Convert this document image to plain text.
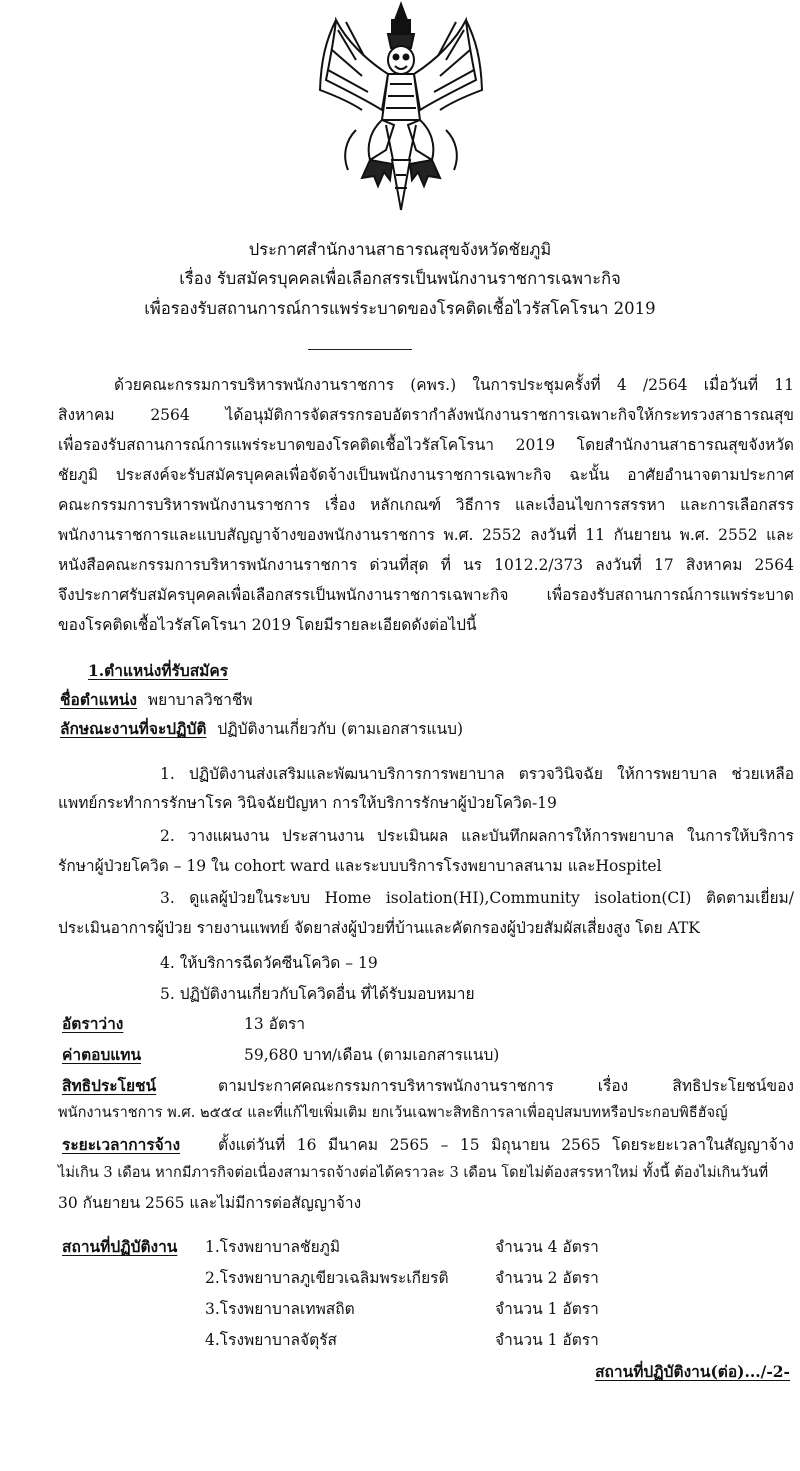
ประกาศสำนักงานสาธารณสุขจังหวัดชัยภูมิ
เรื่อง รับสมัครบุคคลเพื่อเลือกสรรเป็นพนักงานราชการเฉพาะกิจ
เพื่อรองรับสถานการณ์การแพร่ระบาดของโรคติดเชื้อไวรัสโคโรนา 2019
ด้วยคณะกรรมการบริหารพนักงานราชการ (คพร.) ในการประชุมครั้งที่ 4 /2564 เมื่อวันที่ 11
สิงหาคม 2564 ได้อนุมัติการจัดสรรกรอบอัตรากำลังพนักงานราชการเฉพาะกิจให้กระทรวงสาธารณสุข
เพื่อรองรับสถานการณ์การแพร่ระบาดของโรคติดเชื้อไวรัสโคโรนา 2019 โดยสำนักงานสาธารณสุขจังหวัด
ชัยภูมิ ประสงค์จะรับสมัครบุคคลเพื่อจัดจ้างเป็นพนักงานราชการเฉพาะกิจ ฉะนั้น อาศัยอำนาจตามประกาศ
คณะกรรมการบริหารพนักงานราชการ เรื่อง หลักเกณฑ์ วิธีการ และเงื่อนไขการสรรหา และการเลือกสรร
พนักงานราชการและแบบสัญญาจ้างของพนักงานราชการ พ.ศ. 2552 ลงวันที่ 11 กันยายน พ.ศ. 2552 และ
หนังสือคณะกรรมการบริหารพนักงานราชการ ด่วนที่สุด ที่ นร 1012.2/373 ลงวันที่ 17 สิงหาคม 2564
จึงประกาศรับสมัครบุคคลเพื่อเลือกสรรเป็นพนักงานราชการเฉพาะกิจ เพื่อรองรับสถานการณ์การแพร่ระบาด
ของโรคติดเชื้อไวรัสโคโรนา 2019 โดยมีรายละเอียดดังต่อไปนี้
1.ตำแหน่งที่รับสมัคร
ชื่อตำแหน่ง พยาบาลวิชาชีพ
ลักษณะงานที่จะปฏิบัติ ปฏิบัติงานเกี่ยวกับ (ตามเอกสารแนบ)
1. ปฏิบัติงานส่งเสริมและพัฒนาบริการการพยาบาล ตรวจวินิจฉัย ให้การพยาบาล ช่วยเหลือ
แพทย์กระทำการรักษาโรค วินิจฉัยปัญหา การให้บริการรักษาผู้ป่วยโควิด-19
2. วางแผนงาน ประสานงาน ประเมินผล และบันทึกผลการให้การพยาบาล ในการให้บริการ
รักษาผู้ป่วยโควิด – 19 ใน cohort ward และระบบบริการโรงพยาบาลสนาม และHospitel
3. ดูแลผู้ป่วยในระบบ Home isolation(HI),Community isolation(CI) ติดตามเยี่ยม/
ประเมินอาการผู้ป่วย รายงานแพทย์ จัดยาส่งผู้ป่วยที่บ้านและคัดกรองผู้ป่วยสัมผัสเสี่ยงสูง โดย ATK
4. ให้บริการฉีดวัคซีนโควิด – 19
5. ปฏิบัติงานเกี่ยวกับโควิดอื่น ที่ได้รับมอบหมาย
อัตราว่าง	13 อัตรา
ค่าตอบแทน	59,680 บาท/เดือน (ตามเอกสารแนบ)
สิทธิประโยชน์	ตามประกาศคณะกรรมการบริหารพนักงานราชการ เรื่อง สิทธิประโยชน์ของ
พนักงานราชการ พ.ศ. ๒๕๕๔ และที่แก้ไขเพิ่มเติม ยกเว้นเฉพาะสิทธิการลาเพื่ออุปสมบทหรือประกอบพิธีฮัจญ์
ระยะเวลาการจ้าง ตั้งแต่วันที่ 16 มีนาคม 2565 – 15 มิถุนายน 2565 โดยระยะเวลาในสัญญาจ้าง
ไม่เกิน 3 เดือน หากมีภารกิจต่อเนื่องสามารถจ้างต่อได้คราวละ 3 เดือน โดยไม่ต้องสรรหาใหม่ ทั้งนี้ ต้องไม่เกินวันที่
30 กันยายน 2565 และไม่มีการต่อสัญญาจ้าง
สถานที่ปฏิบัติงาน 1.โรงพยาบาลชัยภูมิ	จำนวน 4 อัตรา
2.โรงพยาบาลภูเขียวเฉลิมพระเกียรติ	จำนวน 2 อัตรา
3.โรงพยาบาลเทพสถิต	จำนวน 1 อัตรา
4.โรงพยาบาลจัตุรัส	จำนวน 1 อัตรา
สถานที่ปฏิบัติงาน(ต่อ).../-2-
